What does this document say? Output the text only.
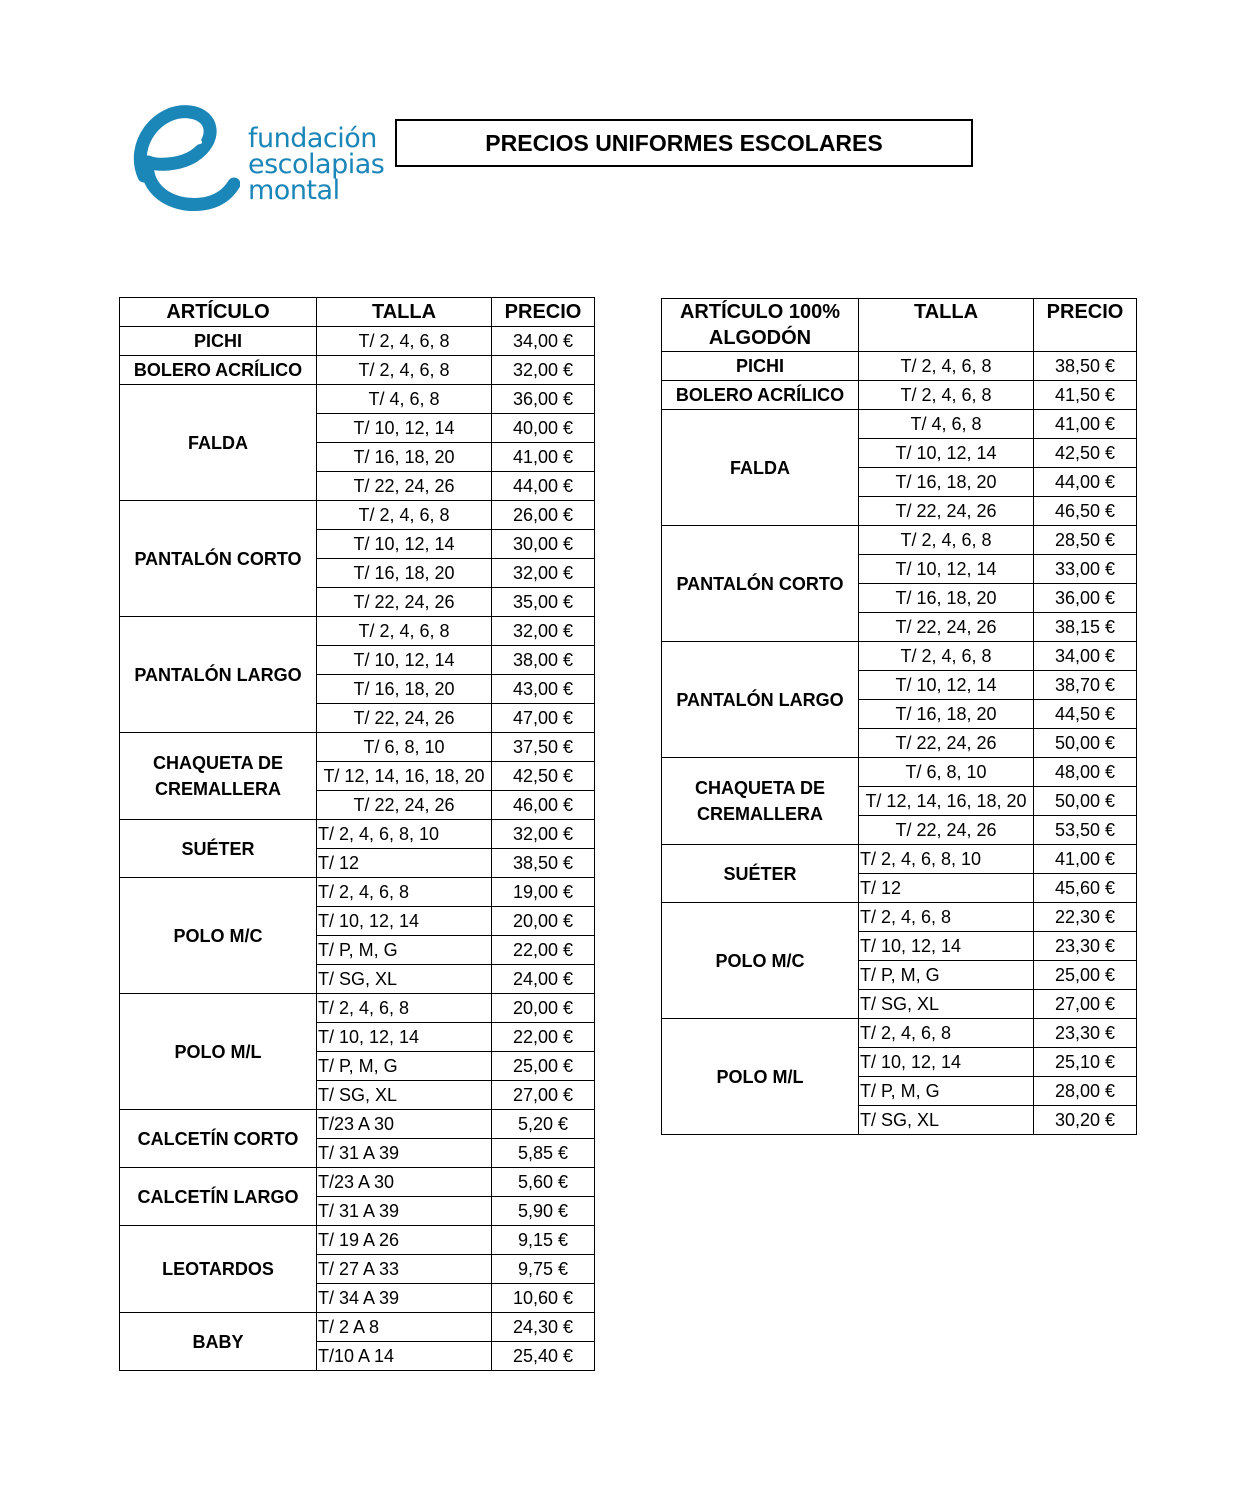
fundación
escolapias
montal
PRECIOS UNIFORMES ESCOLARES
ARTÍCULO	TALLA	PRECIO
PICHI	T/ 2, 4, 6, 8	34,00 €
BOLERO ACRÍLICO	T/ 2, 4, 6, 8	32,00 €
FALDA	T/ 4, 6, 8	36,00 €
	T/ 10, 12, 14	40,00 €
	T/ 16, 18, 20	41,00 €
	T/ 22, 24, 26	44,00 €
PANTALÓN CORTO	T/ 2, 4, 6, 8	26,00 €
	T/ 10, 12, 14	30,00 €
	T/ 16, 18, 20	32,00 €
	T/ 22, 24, 26	35,00 €
PANTALÓN LARGO	T/ 2, 4, 6, 8	32,00 €
	T/ 10, 12, 14	38,00 €
	T/ 16, 18, 20	43,00 €
	T/ 22, 24, 26	47,00 €
CHAQUETA DE CREMALLERA	T/ 6, 8, 10	37,50 €
	T/ 12, 14, 16, 18, 20	42,50 €
	T/ 22, 24, 26	46,00 €
SUÉTER	T/ 2, 4, 6, 8, 10	32,00 €
	T/ 12	38,50 €
POLO M/C	T/ 2, 4, 6, 8	19,00 €
	T/ 10, 12, 14	20,00 €
	T/ P, M, G	22,00 €
	T/ SG, XL	24,00 €
POLO M/L	T/ 2, 4, 6, 8	20,00 €
	T/ 10, 12, 14	22,00 €
	T/ P, M, G	25,00 €
	T/ SG, XL	27,00 €
CALCETÍN CORTO	T/23 A 30	5,20 €
	T/ 31 A 39	5,85 €
CALCETÍN LARGO	T/23 A 30	5,60 €
	T/ 31 A 39	5,90 €
LEOTARDOS	T/ 19 A 26	9,15 €
	T/ 27 A 33	9,75 €
	T/ 34 A 39	10,60 €
BABY	T/ 2 A 8	24,30 €
	T/10 A 14	25,40 €
ARTÍCULO 100% ALGODÓN	TALLA	PRECIO
PICHI	T/ 2, 4, 6, 8	38,50 €
BOLERO ACRÍLICO	T/ 2, 4, 6, 8	41,50 €
FALDA	T/ 4, 6, 8	41,00 €
	T/ 10, 12, 14	42,50 €
	T/ 16, 18, 20	44,00 €
	T/ 22, 24, 26	46,50 €
PANTALÓN CORTO	T/ 2, 4, 6, 8	28,50 €
	T/ 10, 12, 14	33,00 €
	T/ 16, 18, 20	36,00 €
	T/ 22, 24, 26	38,15 €
PANTALÓN LARGO	T/ 2, 4, 6, 8	34,00 €
	T/ 10, 12, 14	38,70 €
	T/ 16, 18, 20	44,50 €
	T/ 22, 24, 26	50,00 €
CHAQUETA DE CREMALLERA	T/ 6, 8, 10	48,00 €
	T/ 12, 14, 16, 18, 20	50,00 €
	T/ 22, 24, 26	53,50 €
SUÉTER	T/ 2, 4, 6, 8, 10	41,00 €
	T/ 12	45,60 €
POLO M/C	T/ 2, 4, 6, 8	22,30 €
	T/ 10, 12, 14	23,30 €
	T/ P, M, G	25,00 €
	T/ SG, XL	27,00 €
POLO M/L	T/ 2, 4, 6, 8	23,30 €
	T/ 10, 12, 14	25,10 €
	T/ P, M, G	28,00 €
	T/ SG, XL	30,20 €
